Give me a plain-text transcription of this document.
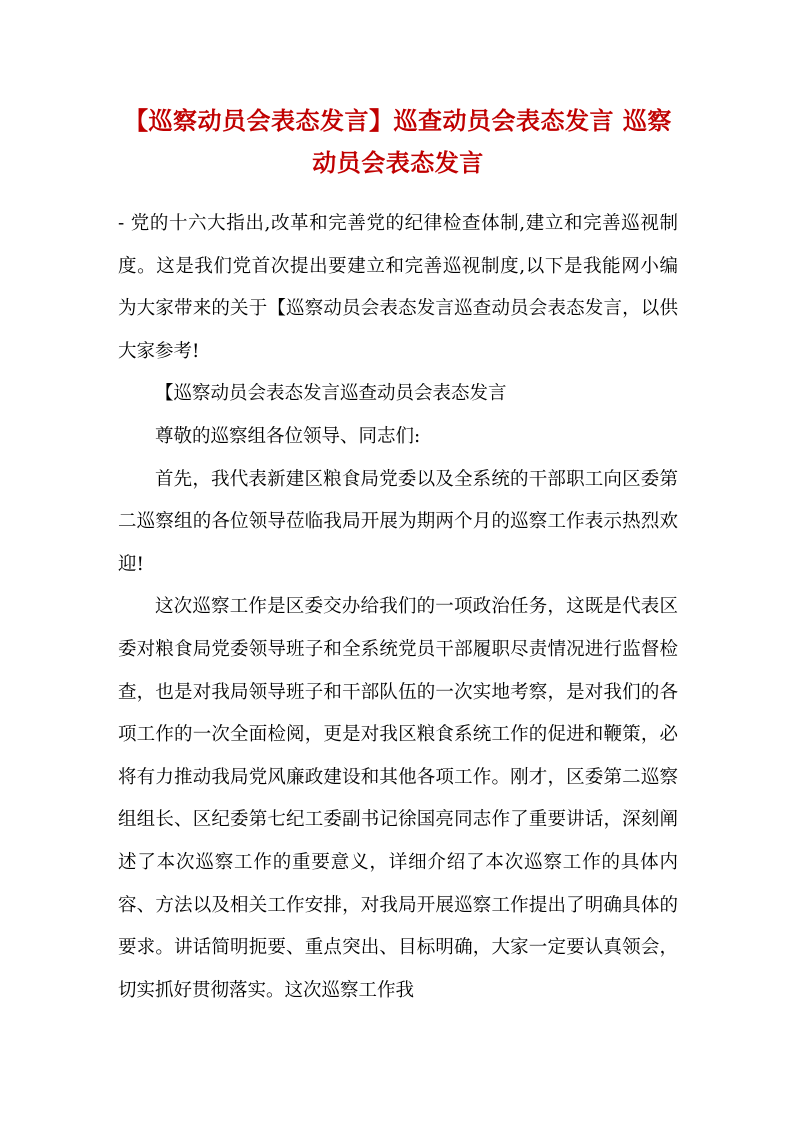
【巡察动员会表态发言】巡查动员会表态发言 巡察动员会表态发言

- 党的十六大指出,改革和完善党的纪律检查体制,建立和完善巡视制度。这是我们党首次提出要建立和完善巡视制度,以下是我能网小编为大家带来的关于【巡察动员会表态发言巡查动员会表态发言，以供大家参考!

【巡察动员会表态发言巡查动员会表态发言

尊敬的巡察组各位领导、同志们:

首先，我代表新建区粮食局党委以及全系统的干部职工向区委第二巡察组的各位领导莅临我局开展为期两个月的巡察工作表示热烈欢迎!

这次巡察工作是区委交办给我们的一项政治任务，这既是代表区委对粮食局党委领导班子和全系统党员干部履职尽责情况进行监督检查，也是对我局领导班子和干部队伍的一次实地考察，是对我们的各项工作的一次全面检阅，更是对我区粮食系统工作的促进和鞭策，必将有力推动我局党风廉政建设和其他各项工作。刚才，区委第二巡察组组长、区纪委第七纪工委副书记徐国亮同志作了重要讲话，深刻阐述了本次巡察工作的重要意义，详细介绍了本次巡察工作的具体内容、方法以及相关工作安排，对我局开展巡察工作提出了明确具体的要求。讲话简明扼要、重点突出、目标明确，大家一定要认真领会，切实抓好贯彻落实。这次巡察工作我
